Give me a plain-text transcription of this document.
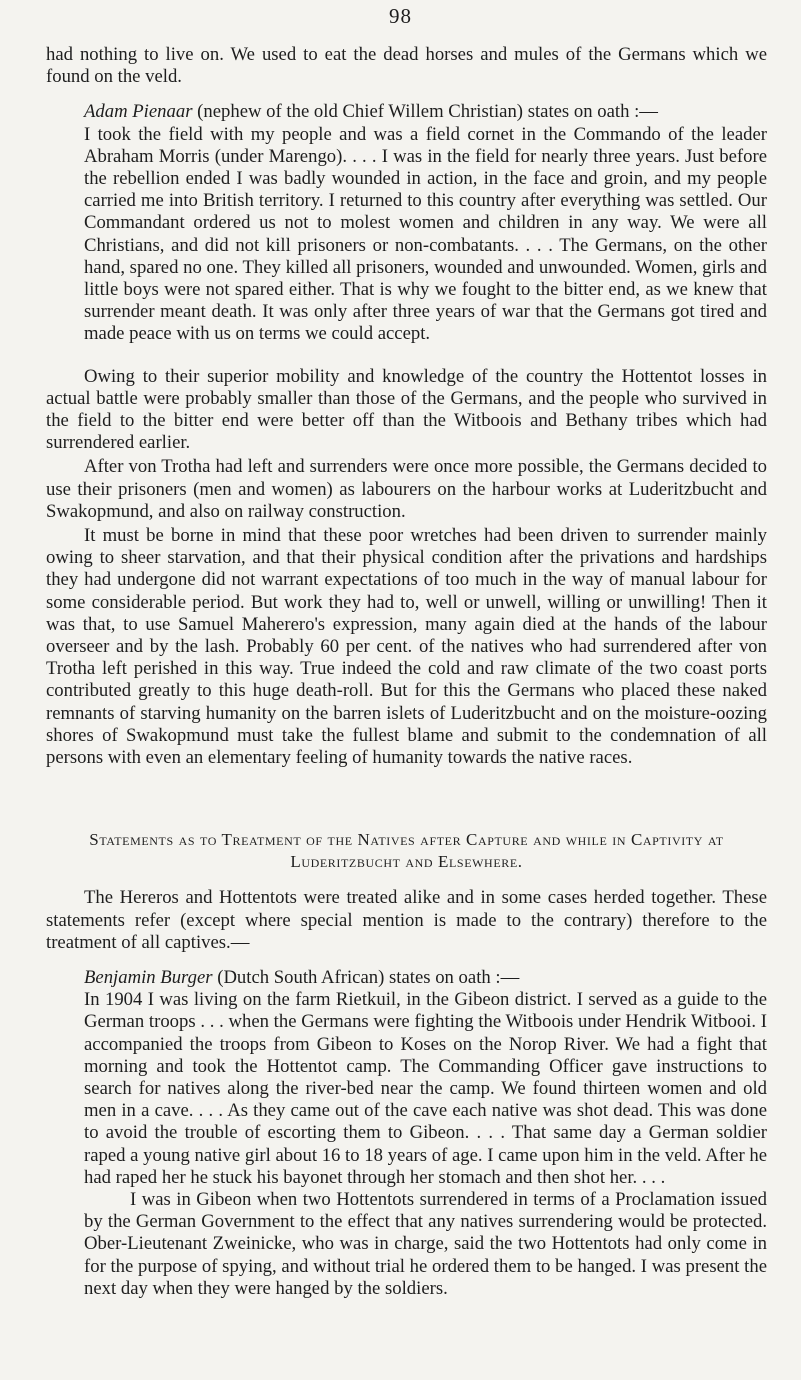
98

had nothing to live on. We used to eat the dead horses and mules of the Germans which we found on the veld.

Adam Pienaar (nephew of the old Chief Willem Christian) states on oath :—

I took the field with my people and was a field cornet in the Commando of the leader Abraham Morris (under Marengo). . . . I was in the field for nearly three years. Just before the rebellion ended I was badly wounded in action, in the face and groin, and my people carried me into British territory. I returned to this country after everything was settled. Our Commandant ordered us not to molest women and children in any way. We were all Christians, and did not kill prisoners or non-combatants. . . . The Germans, on the other hand, spared no one. They killed all prisoners, wounded and unwounded. Women, girls and little boys were not spared either. That is why we fought to the bitter end, as we knew that surrender meant death. It was only after three years of war that the Germans got tired and made peace with us on terms we could accept.

Owing to their superior mobility and knowledge of the country the Hottentot losses in actual battle were probably smaller than those of the Germans, and the people who survived in the field to the bitter end were better off than the Witboois and Bethany tribes which had surrendered earlier.

After von Trotha had left and surrenders were once more possible, the Germans decided to use their prisoners (men and women) as labourers on the harbour works at Luderitzbucht and Swakopmund, and also on railway construction.

It must be borne in mind that these poor wretches had been driven to surrender mainly owing to sheer starvation, and that their physical condition after the privations and hardships they had undergone did not warrant expectations of too much in the way of manual labour for some considerable period. But work they had to, well or unwell, willing or unwilling! Then it was that, to use Samuel Maherero's expression, many again died at the hands of the labour overseer and by the lash. Probably 60 per cent. of the natives who had surrendered after von Trotha left perished in this way. True indeed the cold and raw climate of the two coast ports contributed greatly to this huge death-roll. But for this the Germans who placed these naked remnants of starving humanity on the barren islets of Luderitzbucht and on the moisture-oozing shores of Swakopmund must take the fullest blame and submit to the condemnation of all persons with even an elementary feeling of humanity towards the native races.

Statements as to Treatment of the Natives after Capture and while in Captivity at Luderitzbucht and Elsewhere.

The Hereros and Hottentots were treated alike and in some cases herded together. These statements refer (except where special mention is made to the contrary) therefore to the treatment of all captives.—

Benjamin Burger (Dutch South African) states on oath :—

In 1904 I was living on the farm Rietkuil, in the Gibeon district. I served as a guide to the German troops . . . when the Germans were fighting the Witboois under Hendrik Witbooi. I accompanied the troops from Gibeon to Koses on the Norop River. We had a fight that morning and took the Hottentot camp. The Commanding Officer gave instructions to search for natives along the river-bed near the camp. We found thirteen women and old men in a cave. . . . As they came out of the cave each native was shot dead. This was done to avoid the trouble of escorting them to Gibeon. . . . That same day a German soldier raped a young native girl about 16 to 18 years of age. I came upon him in the veld. After he had raped her he stuck his bayonet through her stomach and then shot her. . . .

I was in Gibeon when two Hottentots surrendered in terms of a Proclamation issued by the German Government to the effect that any natives surrendering would be protected. Ober-Lieutenant Zweinicke, who was in charge, said the two Hottentots had only come in for the purpose of spying, and without trial he ordered them to be hanged. I was present the next day when they were hanged by the soldiers.
